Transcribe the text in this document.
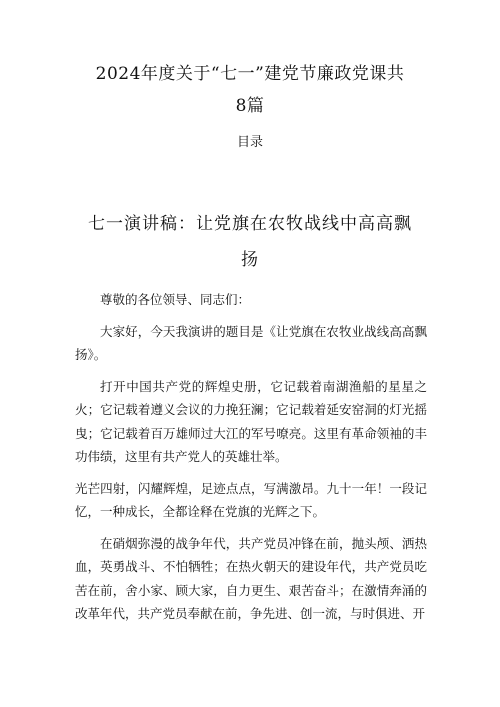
2024年度关于“七一”建党节廉政党课共
8篇
目录
七一演讲稿：让党旗在农牧战线中高高飘
扬

尊敬的各位领导、同志们：

大家好，今天我演讲的题目是《让党旗在农牧业战线高高飘扬》。

打开中国共产党的辉煌史册，它记载着南湖渔船的星星之火；它记载着遵义会议的力挽狂澜；它记载着延安窑洞的灯光摇曳；它记载着百万雄师过大江的军号嘹亮。这里有革命领袖的丰功伟绩，这里有共产党人的英雄壮举。

光芒四射，闪耀辉煌，足迹点点，写满激昂。九十一年！一段记忆，一种成长，全都诠释在党旗的光辉之下。

在硝烟弥漫的战争年代，共产党员冲锋在前，抛头颅、洒热血，英勇战斗、不怕牺牲；在热火朝天的建设年代，共产党员吃苦在前，舍小家、顾大家，自力更生、艰苦奋斗；在激情奔涌的改革年代，共产党员奉献在前，争先进、创一流，与时俱进、开
